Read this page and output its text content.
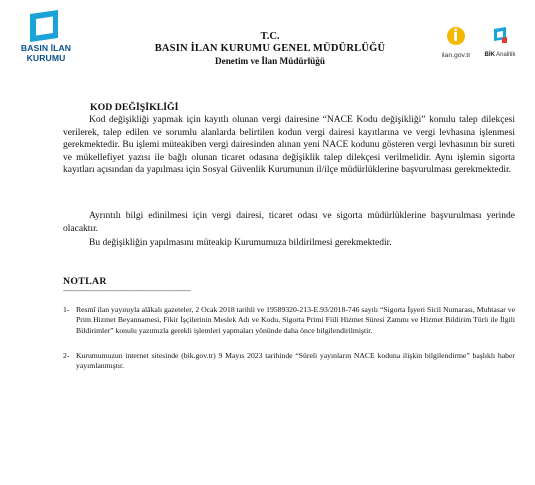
BASIN İLAN
KURUMU
T.C.
BASIN İLAN KURUMU GENEL MÜDÜRLÜĞÜ
Denetim ve İlan Müdürlüğü
ilan.gov.tr	BİK Analitik
KOD DEĞİŞİKLİĞİ

Kod değişikliği yapmak için kayıtlı olunan vergi dairesine “NACE Kodu değişikliği” konulu talep dilekçesi verilerek, talep edilen ve sorumlu alanlarda belirtilen kodun vergi dairesi kayıtlarına ve vergi levhasına işlenmesi gerekmektedir. Bu işlemi müteakiben vergi dairesinden alınan yeni NACE kodunu gösteren vergi levhasının bir sureti ve mükellefiyet yazısı ile bağlı olunan ticaret odasına değişiklik talep dilekçesi verilmelidir. Aynı işlemin sigorta kayıtları açısından da yapılması için Sosyal Güvenlik Kurumunun il/ilçe müdürlüklerine başvurulması gerekmektedir.

Ayrıntılı bilgi edinilmesi için vergi dairesi, ticaret odası ve sigorta müdürlüklerine başvurulması yerinde olacaktır.

Bu değişikliğin yapılmasını müteakip Kurumumuza bildirilmesi gerekmektedir.

NOTLAR
------------------------------------------------------------------
1- Resmî ilan yayınıyla alâkalı gazeteler, 2 Ocak 2018 tarihli ve 19589320-213-E.93/2018-746 sayılı “Sigorta İşyeri Sicil Numarası, Muhtasar ve Prim Hizmet Beyannamesi, Fikir İşçilerinin Meslek Adı ve Kodu, Sigorta Primi Fiili Hizmet Süresi Zammı ve Hizmet Bildirim Türü ile İlgili Bildirimler” konulu yazımızla gerekli işlemleri yapmaları yönünde daha önce bilgilendirilmiştir.
2- Kurumumuzun internet sitesinde (bik.gov.tr) 9 Mayıs 2023 tarihinde “Süreli yayınların NACE koduna ilişkin bilgilendirme” başlıklı haber yayımlanmıştır.
